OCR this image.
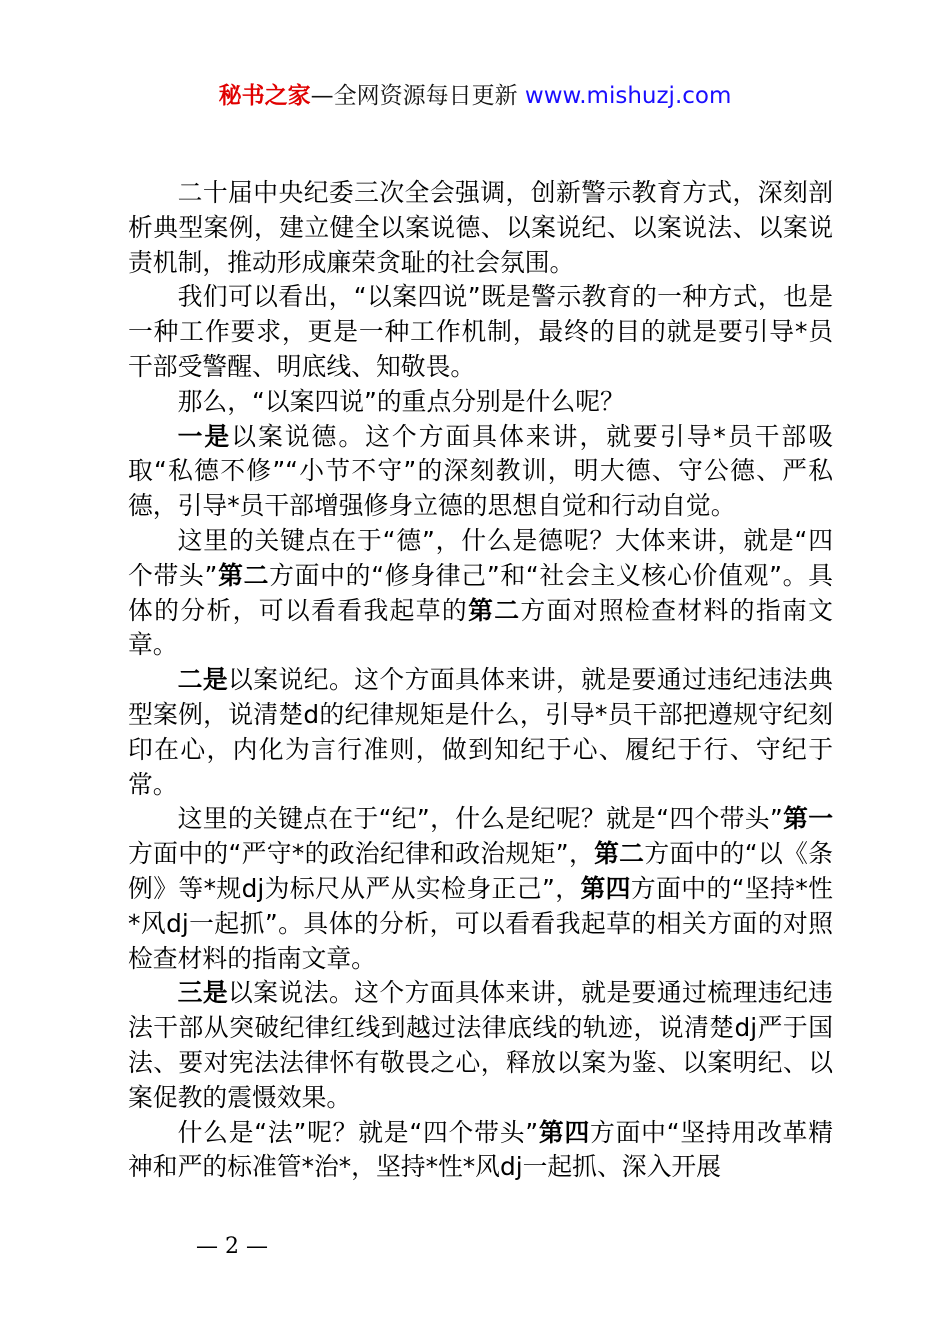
秘书之家—全网资源每日更新 www.mishuzj.com

二十届中央纪委三次全会强调，创新警示教育方式，深刻剖析典型案例，建立健全以案说德、以案说纪、以案说法、以案说责机制，推动形成廉荣贪耻的社会氛围。

我们可以看出，“以案四说”既是警示教育的一种方式，也是一种工作要求，更是一种工作机制，最终的目的就是要引导*员干部受警醒、明底线、知敬畏。

那么，“以案四说”的重点分别是什么呢？

一是以案说德。这个方面具体来讲，就要引导*员干部吸取“私德不修”“小节不守”的深刻教训，明大德、守公德、严私德，引导*员干部增强修身立德的思想自觉和行动自觉。

这里的关键点在于“德”，什么是德呢？大体来讲，就是“四个带头”第二方面中的“修身律己”和“社会主义核心价值观”。具体的分析，可以看看我起草的第二方面对照检查材料的指南文章。

二是以案说纪。这个方面具体来讲，就是要通过违纪违法典型案例，说清楚d的纪律规矩是什么，引导*员干部把遵规守纪刻印在心，内化为言行准则，做到知纪于心、履纪于行、守纪于常。

这里的关键点在于“纪”，什么是纪呢？就是“四个带头”第一方面中的“严守*的政治纪律和政治规矩”，第二方面中的“以《条例》等*规dj为标尺从严从实检身正己”，第四方面中的“坚持*性*风dj一起抓”。具体的分析，可以看看我起草的相关方面的对照检查材料的指南文章。

三是以案说法。这个方面具体来讲，就是要通过梳理违纪违法干部从突破纪律红线到越过法律底线的轨迹，说清楚dj严于国法、要对宪法法律怀有敬畏之心，释放以案为鉴、以案明纪、以案促教的震慑效果。

什么是“法”呢？就是“四个带头”第四方面中“坚持用改革精神和严的标准管*治*，坚持*性*风dj一起抓、深入开展

— 2 —
